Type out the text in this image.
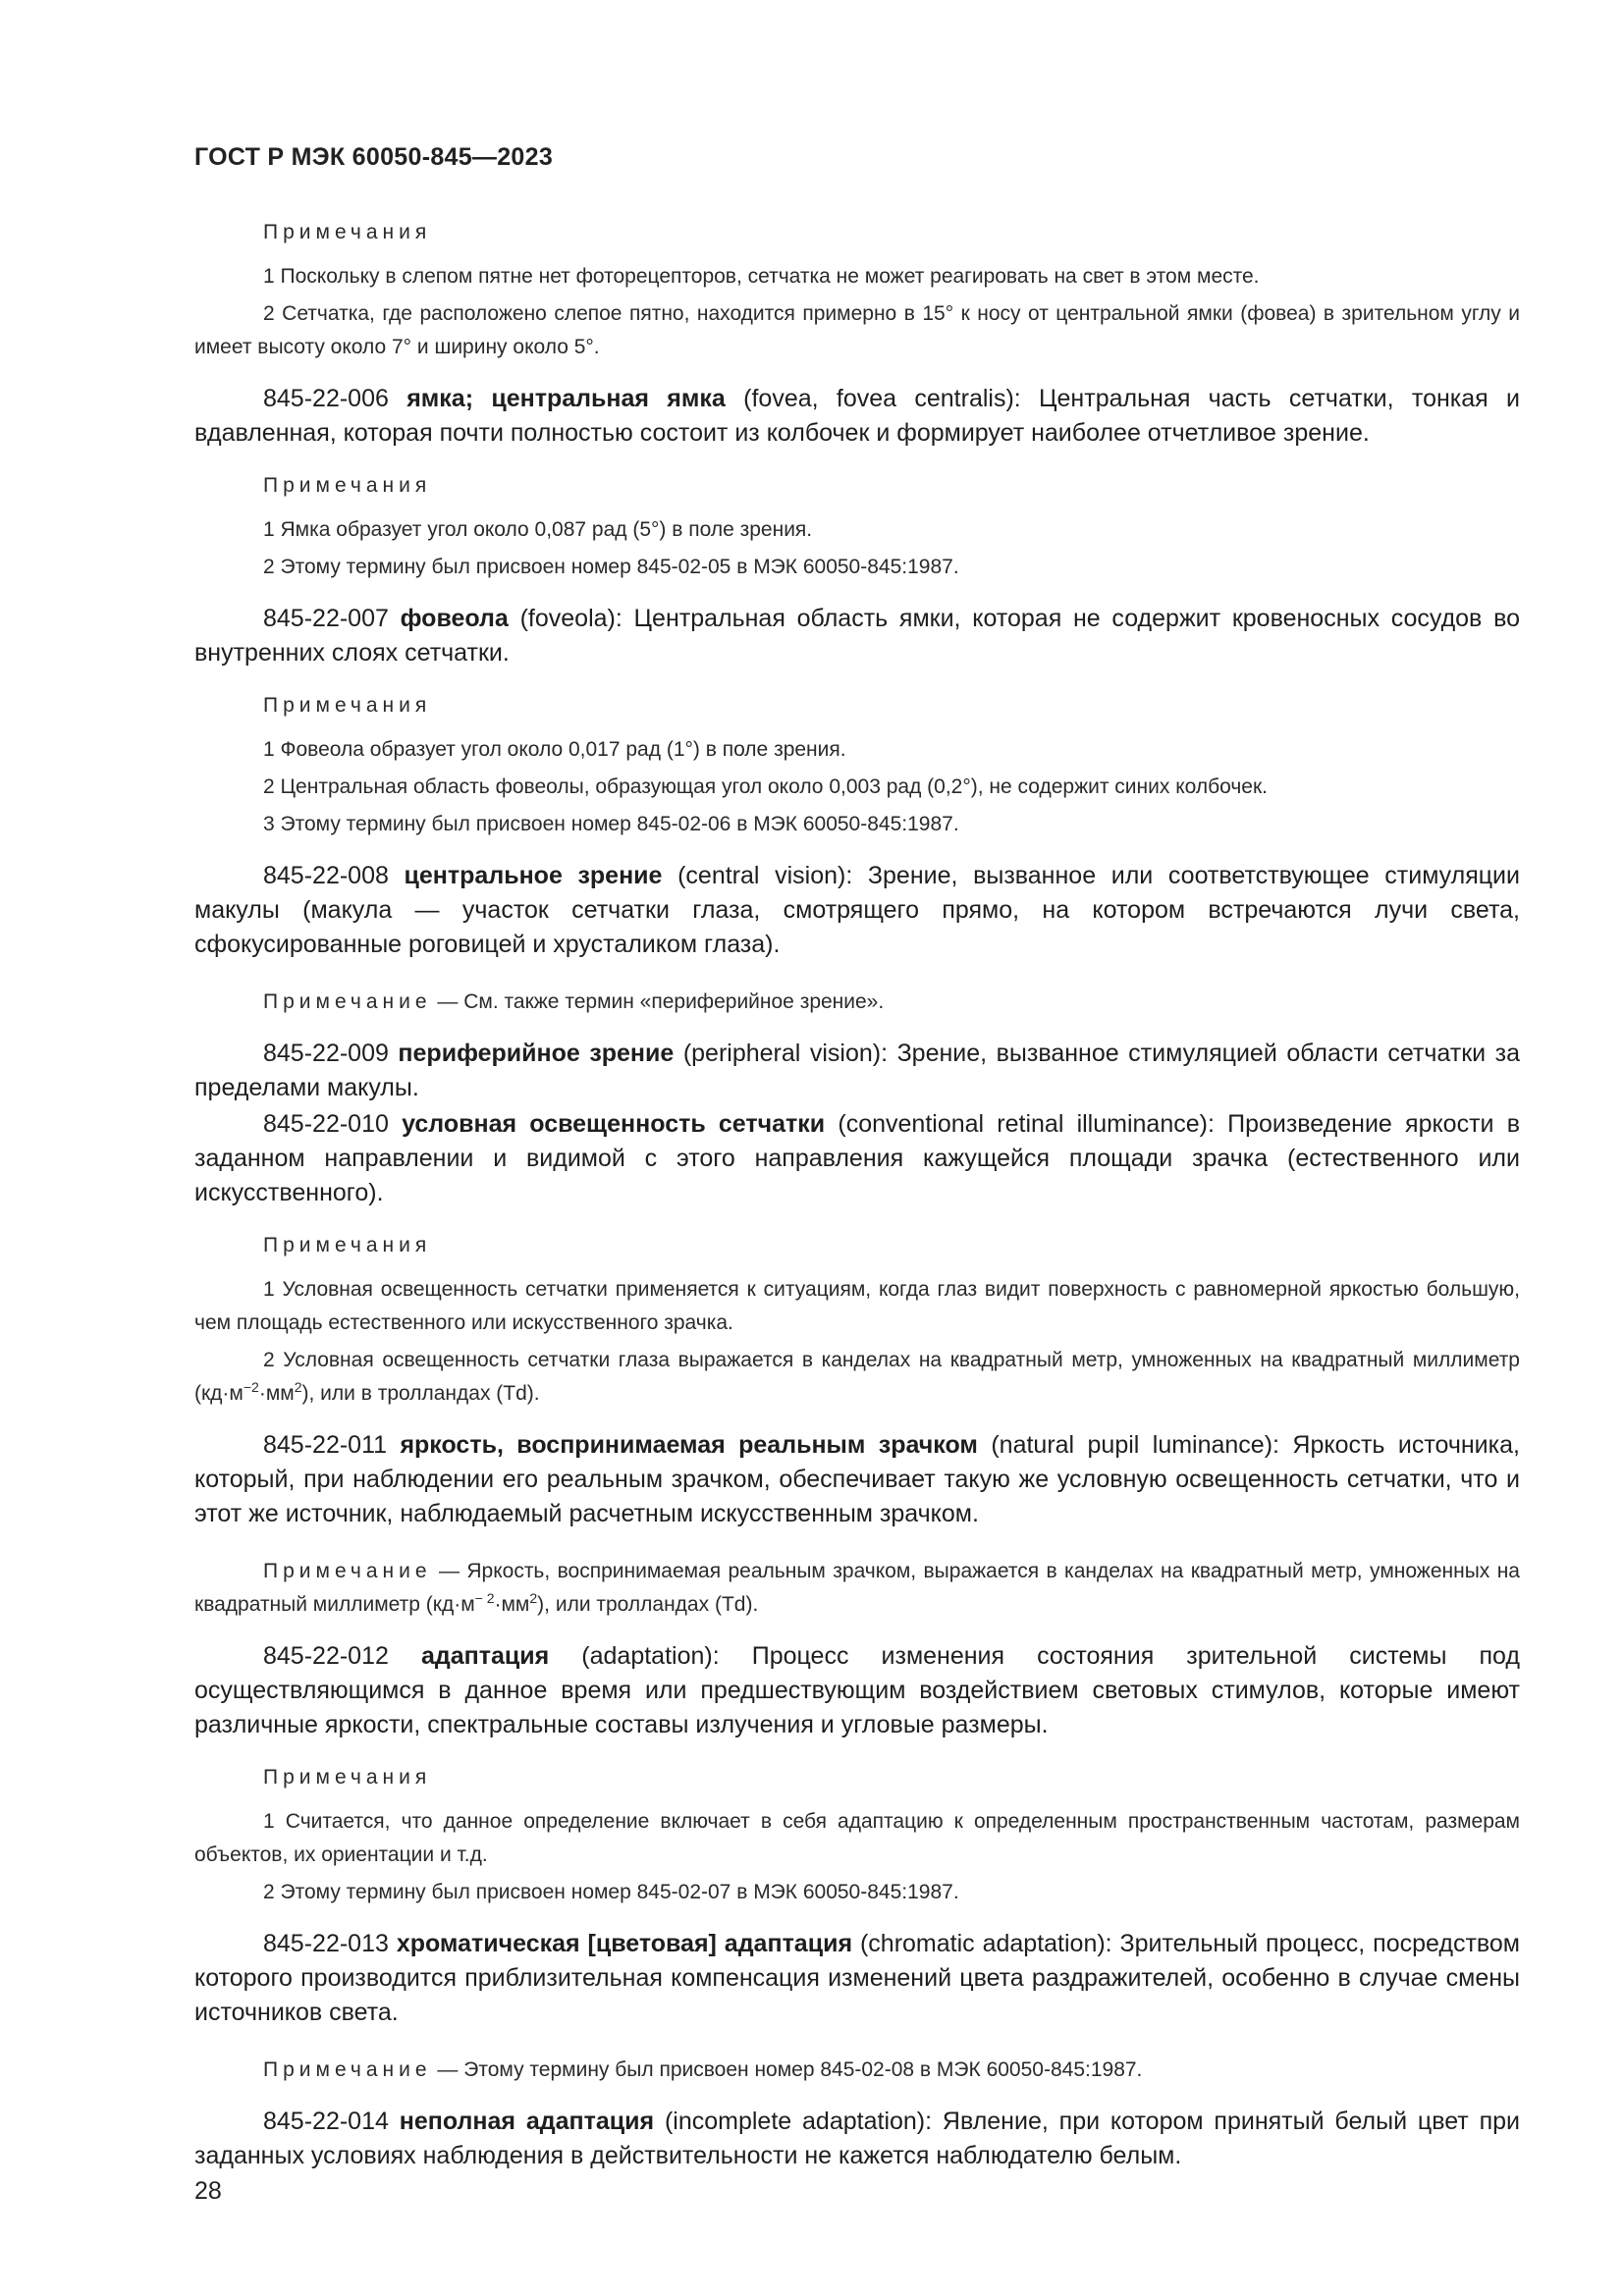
ГОСТ Р МЭК 60050-845—2023
Примечания

1 Поскольку в слепом пятне нет фоторецепторов, сетчатка не может реагировать на свет в этом месте.

2 Сетчатка, где расположено слепое пятно, находится примерно в 15° к носу от центральной ямки (фовеа) в зрительном углу и имеет высоту около 7° и ширину около 5°.

845-22-006 ямка; центральная ямка (fovea, fovea centralis): Центральная часть сетчатки, тонкая и вдавленная, которая почти полностью состоит из колбочек и формирует наиболее отчетливое зрение.

Примечания

1 Ямка образует угол около 0,087 рад (5°) в поле зрения.

2 Этому термину был присвоен номер 845-02-05 в МЭК 60050-845:1987.

845-22-007 фовеола (foveola): Центральная область ямки, которая не содержит кровеносных сосудов во внутренних слоях сетчатки.

Примечания

1 Фовеола образует угол около 0,017 рад (1°) в поле зрения.

2 Центральная область фовеолы, образующая угол около 0,003 рад (0,2°), не содержит синих колбочек.

3 Этому термину был присвоен номер 845-02-06 в МЭК 60050-845:1987.

845-22-008 центральное зрение (central vision): Зрение, вызванное или соответствующее стимуляции макулы (макула — участок сетчатки глаза, смотрящего прямо, на котором встречаются лучи света, сфокусированные роговицей и хрусталиком глаза).

Примечание — См. также термин «периферийное зрение».

845-22-009 периферийное зрение (peripheral vision): Зрение, вызванное стимуляцией области сетчатки за пределами макулы.

845-22-010 условная освещенность сетчатки (conventional retinal illuminance): Произведение яркости в заданном направлении и видимой с этого направления кажущейся площади зрачка (естественного или искусственного).

Примечания

1 Условная освещенность сетчатки применяется к ситуациям, когда глаз видит поверхность с равномерной яркостью большую, чем площадь естественного или искусственного зрачка.

2 Условная освещенность сетчатки глаза выражается в канделах на квадратный метр, умноженных на квадратный миллиметр $(кд\cdot м^{-2}\cdot мм^2)$, или в тролландах (Td).

845-22-011 яркость, воспринимаемая реальным зрачком (natural pupil luminance): Яркость источника, который, при наблюдении его реальным зрачком, обеспечивает такую же условную освещенность сетчатки, что и этот же источник, наблюдаемый расчетным искусственным зрачком.

Примечание — Яркость, воспринимаемая реальным зрачком, выражается в канделах на квадратный метр, умноженных на квадратный миллиметр $(кд\cdot м^{- 2}\cdot мм^2)$, или тролландах (Td).

845-22-012 адаптация (adaptation): Процесс изменения состояния зрительной системы под осуществляющимся в данное время или предшествующим воздействием световых стимулов, которые имеют различные яркости, спектральные составы излучения и угловые размеры.

Примечания

1 Считается, что данное определение включает в себя адаптацию к определенным пространственным частотам, размерам объектов, их ориентации и т.д.

2 Этому термину был присвоен номер 845-02-07 в МЭК 60050-845:1987.

845-22-013 хроматическая [цветовая] адаптация (chromatic adaptation): Зрительный процесс, посредством которого производится приблизительная компенсация изменений цвета раздражителей, особенно в случае смены источников света.

Примечание — Этому термину был присвоен номер 845-02-08 в МЭК 60050-845:1987.

845-22-014 неполная адаптация (incomplete adaptation): Явление, при котором принятый белый цвет при заданных условиях наблюдения в действительности не кажется наблюдателю белым.

28
